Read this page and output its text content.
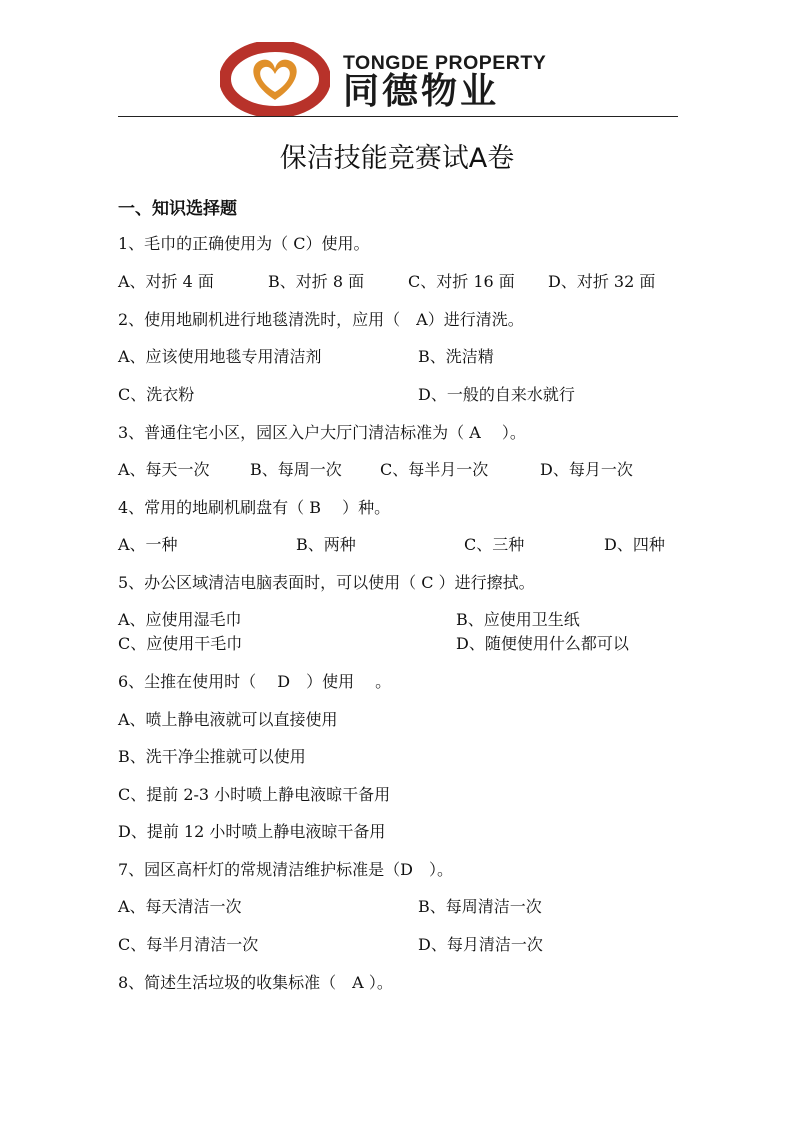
TONGDE PROPERTY
同德物业
保洁技能竞赛试A卷
一、知识选择题
1、毛巾的正确使用为（ C）使用。
A、对折 4 面	B、对折 8 面	C、对折 16 面 D、对折 32 面
2、使用地刷机进行地毯清洗时，应用（　A）进行清洗。
A、应该使用地毯专用清洁剂	B、洗洁精
C、洗衣粉	D、一般的自来水就行
3、普通住宅小区，园区入户大厅门清洁标准为（ A　 ）。
A、每天一次	B、每周一次 C、每半月一次	D、每月一次
4、常用的地刷机刷盘有（ B　 ）种。
A、一种	B、两种	C、三种	D、四种
5、办公区域清洁电脑表面时，可以使用（ C ）进行擦拭。
A、应使用湿毛巾	B、应使用卫生纸
C、应使用干毛巾	D、随便使用什么都可以
6、尘推在使用时（　 D　）使用　 。
A、喷上静电液就可以直接使用
B、洗干净尘推就可以使用
C、提前 2-3 小时喷上静电液晾干备用
D、提前 12 小时喷上静电液晾干备用
7、园区高杆灯的常规清洁维护标准是（D　）。
A、每天清洁一次	B、每周清洁一次
C、每半月清洁一次	D、每月清洁一次
8、简述生活垃圾的收集标准（　A ）。
